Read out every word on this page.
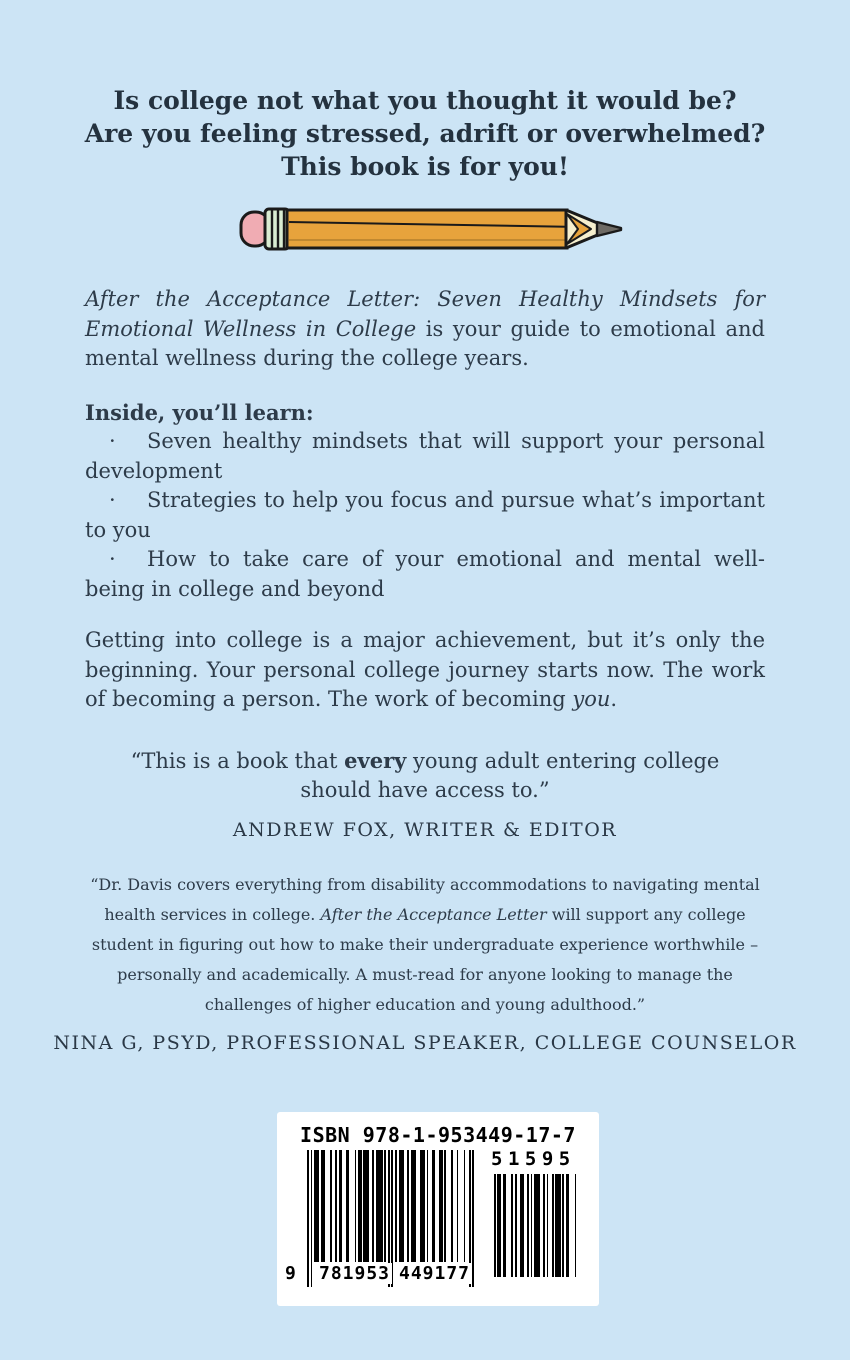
Is college not what you thought it would be?
Are you feeling stressed, adrift or overwhelmed?
This book is for you!

After the Acceptance Letter: Seven Healthy Mindsets for Emotional Wellness in College is your guide to emotional and mental wellness during the college years.

Inside, you’ll learn:
· Seven healthy mindsets that will support your personal development
· Strategies to help you focus and pursue what’s important to you
· How to take care of your emotional and mental well-being in college and beyond

Getting into college is a major achievement, but it’s only the beginning. Your personal college journey starts now. The work of becoming a person. The work of becoming you.

“This is a book that every young adult entering college should have access to.”
ANDREW FOX, WRITER & EDITOR
“Dr. Davis covers everything from disability accommodations to navigating mental health services in college. After the Acceptance Letter will support any college student in figuring out how to make their undergraduate experience worthwhile – personally and academically. A must-read for anyone looking to manage the challenges of higher education and young adulthood.”
NINA G, PSYD, PROFESSIONAL SPEAKER, COLLEGE COUNSELOR
ISBN 978-1-953449-17-7
51595
9 781953 449177
